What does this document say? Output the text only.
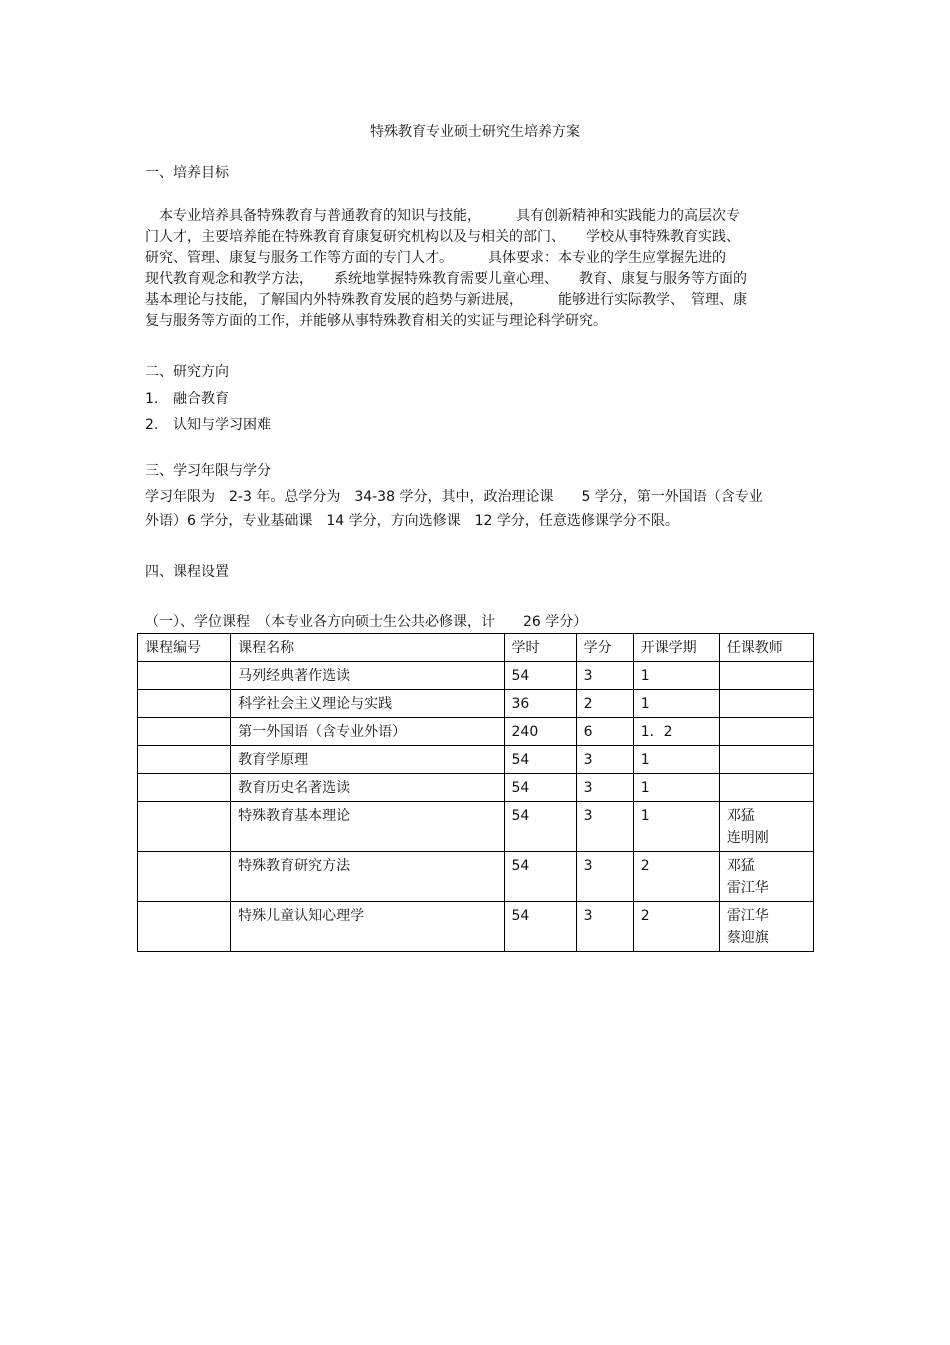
特殊教育专业硕士研究生培养方案
一、培养目标
　本专业培养具备特殊教育与普通教育的知识与技能，　　　具有创新精神和实践能力的高层次专
门人才，主要培养能在特殊教育育康复研究机构以及与相关的部门、　　学校从事特殊教育实践、
研究、管理、康复与服务工作等方面的专门人才。　　　具体要求：本专业的学生应掌握先进的
现代教育观念和教学方法，　　系统地掌握特殊教育需要儿童心理、　　教育、康复与服务等方面的
基本理论与技能，了解国内外特殊教育发展的趋势与新进展，　　　能够进行实际教学、　管理、康
复与服务等方面的工作，并能够从事特殊教育相关的实证与理论科学研究。
二、研究方向
1. 融合教育
2. 认知与学习困难
三、学习年限与学分
学习年限为　2-3 年。总学分为　34-38 学分，其中，政治理论课　　5 学分，第一外国语（含专业
外语）6 学分，专业基础课　14 学分，方向选修课　12 学分，任意选修课学分不限。
四、课程设置
（一）、学位课程　（本专业各方向硕士生公共必修课，计　　26 学分）
课程编号	课程名称	学时	学分	开课学期	任课教师
	马列经典著作选读	54	3	1	
	科学社会主义理论与实践	36	2	1	
	第一外国语（含专业外语）	240	6	1．2	
	教育学原理	54	3	1	
	教育历史名著选读	54	3	1	
	特殊教育基本理论	54	3	1	邓猛
连明刚

	特殊教育研究方法	54	3	2	邓猛
雷江华

	特殊儿童认知心理学	54	3	2	雷江华
蔡迎旗
